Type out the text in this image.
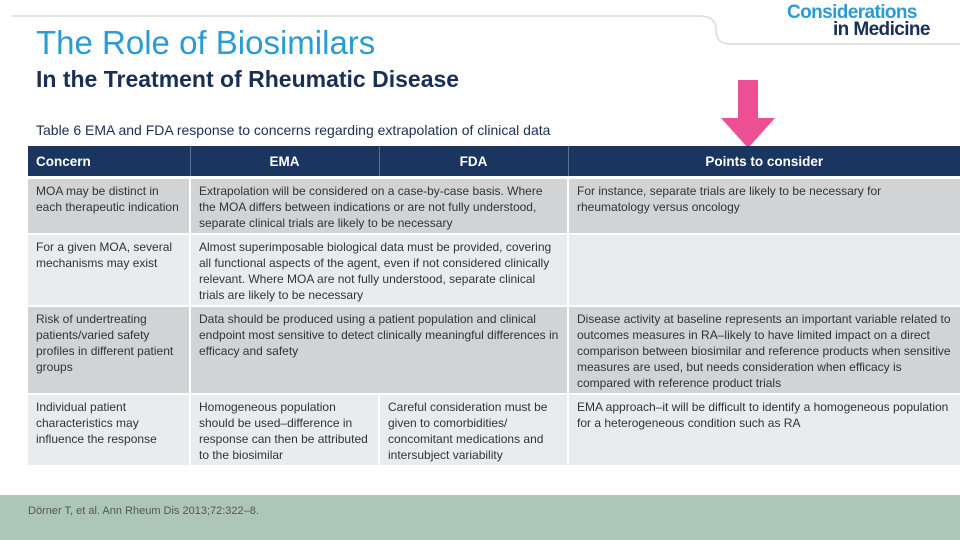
The Role of Biosimilars
In the Treatment of Rheumatic Disease
Considerations
in Medicine
Table 6 EMA and FDA response to concerns regarding extrapolation of clinical data
Concern	EMA	FDA	Points to consider

MOA may be distinct in each therapeutic indication	Extrapolation will be considered on a case-by-case basis. Where the MOA differs between indications or are not fully understood, separate clinical trials are likely to be necessary		For instance, separate trials are likely to be necessary for rheumatology versus oncology
For a given MOA, several mechanisms may exist	Almost superimposable biological data must be provided, covering all functional aspects of the agent, even if not considered clinically relevant. Where MOA are not fully understood, separate clinical trials are likely to be necessary		
Risk of undertreating patients/varied safety profiles in different patient groups	Data should be produced using a patient population and clinical endpoint most sensitive to detect clinically meaningful differences in efficacy and safety		Disease activity at baseline represents an important variable related to outcomes measures in RA–likely to have limited impact on a direct comparison between biosimilar and reference products when sensitive measures are used, but needs consideration when efficacy is compared with reference product trials
Individual patient characteristics may influence the response	Homogeneous population should be used–difference in response can then be attributed to the biosimilar	Careful consideration must be given to comorbidities/ concomitant medications and intersubject variability	EMA approach–it will be difficult to identify a homogeneous population for a heterogeneous condition such as RA
Dörner T, et al. Ann Rheum Dis 2013;72:322–8.
